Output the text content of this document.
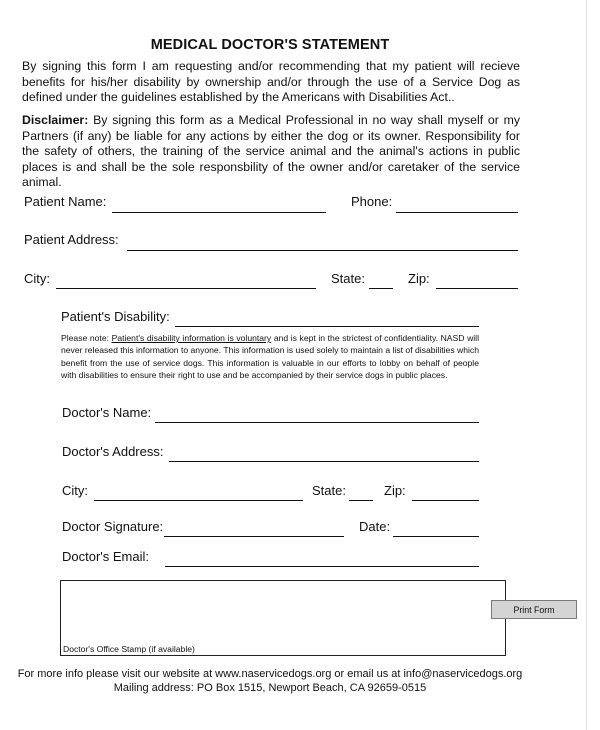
MEDICAL DOCTOR'S STATEMENT
By signing this form I am requesting and/or recommending that my patient will recieve benefits for his/her disability by ownership and/or through the use of a Service Dog as defined under the guidelines established by the Americans with Disabilities Act..
Disclaimer: By signing this form as a Medical Professional in no way shall myself or my Partners (if any) be liable for any actions by either the dog or its owner. Responsibility for the safety of others, the training of the service animal and the animal's actions in public places is and shall be the sole responsbility of the owner and/or caretaker of the service animal.
Patient Name:	Phone:
Patient Address:
City:	State:	Zip:
Patient's Disability:
Please note: Patient's disability information is voluntary and is kept in the strictest of confidentiality. NASD will never released this information to anyone. This information is used solely to maintain a list of disabilities which benefit from the use of service dogs. This information is valuable in our efforts to lobby on behalf of people with disabilities to ensure their right to use and be accompanied by their service dogs in public places.
Doctor's Name:
Doctor's Address:
City:	State:	Zip:
Doctor Signature:	Date:
Doctor's Email:
Doctor's Office Stamp (if available)
Print Form
For more info please visit our website at www.naservicedogs.org or email us at info@naservicedogs.org
Mailing address: PO Box 1515, Newport Beach, CA 92659-0515
